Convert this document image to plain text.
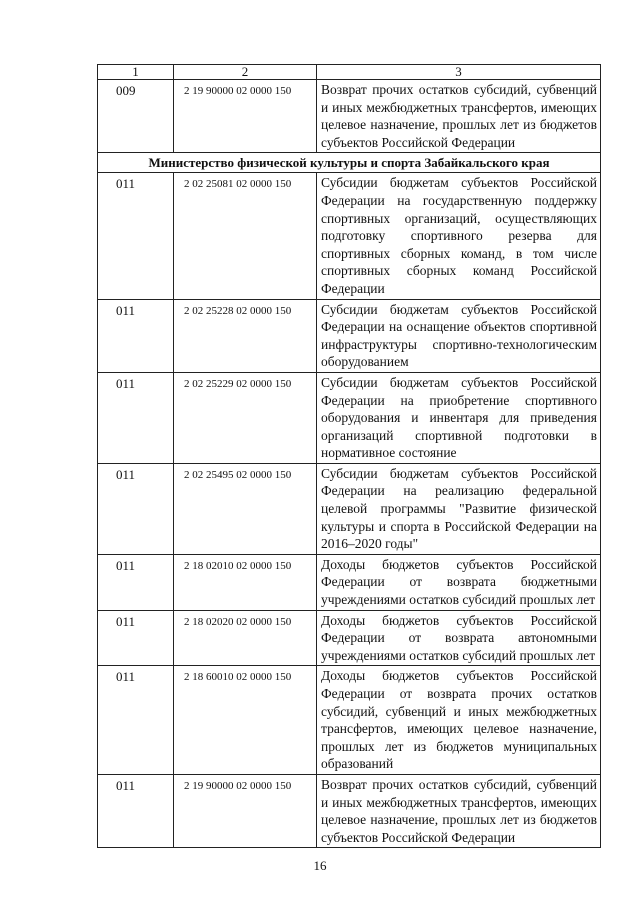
1	2	3
009	2 19 90000 02 0000 150	Возврат прочих остатков субсидий, субвенций и иных межбюджетных трансфертов, имеющих целевое назначение, прошлых лет из бюджетов субъектов Российской Федерации
Министерство физической культуры и спорта Забайкальского края		
011	2 02 25081 02 0000 150	Субсидии бюджетам субъектов Российской Федерации на государственную поддержку спортивных организаций, осуществляющих подготовку спортивного резерва для спортивных сборных команд, в том числе спортивных сборных команд Российской Федерации
011	2 02 25228 02 0000 150	Субсидии бюджетам субъектов Российской Федерации на оснащение объектов спортивной инфраструктуры спортивно-технологическим оборудованием
011	2 02 25229 02 0000 150	Субсидии бюджетам субъектов Российской Федерации на приобретение спортивного оборудования и инвентаря для приведения организаций спортивной подготовки в нормативное состояние
011	2 02 25495 02 0000 150	Субсидии бюджетам субъектов Российской Федерации на реализацию федеральной целевой программы "Развитие физической культуры и спорта в Российской Федерации на 2016–2020 годы"
011	2 18 02010 02 0000 150	Доходы бюджетов субъектов Российской Федерации от возврата бюджетными учреждениями остатков субсидий прошлых лет
011	2 18 02020 02 0000 150	Доходы бюджетов субъектов Российской Федерации от возврата автономными учреждениями остатков субсидий прошлых лет
011	2 18 60010 02 0000 150	Доходы бюджетов субъектов Российской Федерации от возврата прочих остатков субсидий, субвенций и иных межбюджетных трансфертов, имеющих целевое назначение, прошлых лет из бюджетов муниципальных образований
011	2 19 90000 02 0000 150	Возврат прочих остатков субсидий, субвенций и иных межбюджетных трансфертов, имеющих целевое назначение, прошлых лет из бюджетов субъектов Российской Федерации
16
